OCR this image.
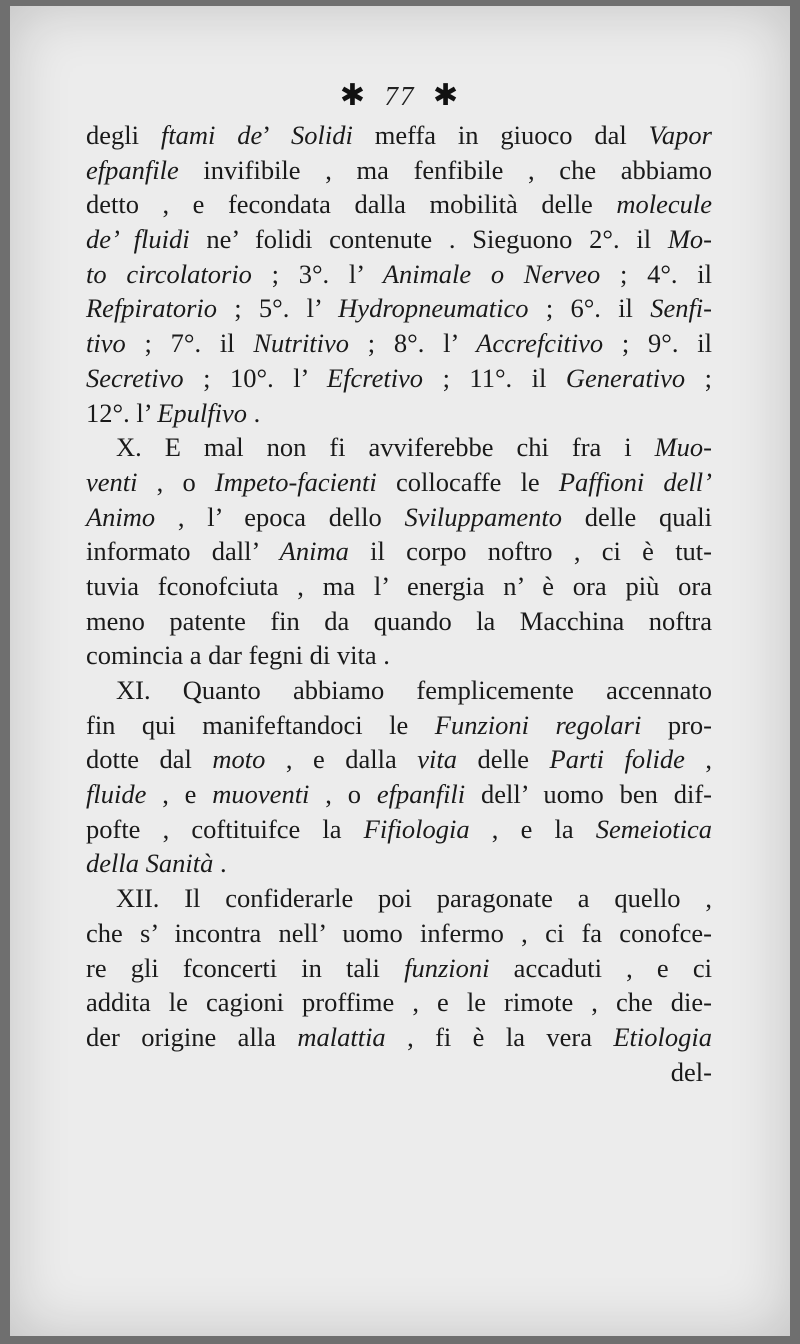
✱ 77 ✱
degli ftami de’ Solidi meffa in giuoco dal Vapor
efpanfile invifibile , ma fenfibile , che abbiamo
detto , e fecondata dalla mobilità delle molecule
de’ fluidi ne’ folidi contenute . Sieguono 2°. il Mo-
to circolatorio ; 3°. l’ Animale o Nerveo ; 4°. il
Refpiratorio ; 5°. l’ Hydropneumatico ; 6°. il Senfi-
tivo ; 7°. il Nutritivo ; 8°. l’ Accrefcitivo ; 9°. il
Secretivo ; 10°. l’ Efcretivo ; 11°. il Generativo ;
12°. l’ Epulfivo .
X. E mal non fi avviferebbe chi fra i Muo-
venti , o Impeto-facienti collocaffe le Paffioni dell’
Animo , l’ epoca dello Sviluppamento delle quali
informato dall’ Anima il corpo noftro , ci è tut-
tuvia fconofciuta , ma l’ energia n’ è ora più ora
meno patente fin da quando la Macchina noftra
comincia a dar fegni di vita .
XI. Quanto abbiamo femplicemente accennato
fin qui manifeftandoci le Funzioni regolari pro-
dotte dal moto , e dalla vita delle Parti folide ,
fluide , e muoventi , o efpanfili dell’ uomo ben dif-
pofte , coftituifce la Fifiologia , e la Semeiotica
della Sanità .
XII. Il confiderarle poi paragonate a quello ,
che s’ incontra nell’ uomo infermo , ci fa conofce-
re gli fconcerti in tali funzioni accaduti , e ci
addita le cagioni proffime , e le rimote , che die-
der origine alla malattia , fi è la vera Etiologia
del-
